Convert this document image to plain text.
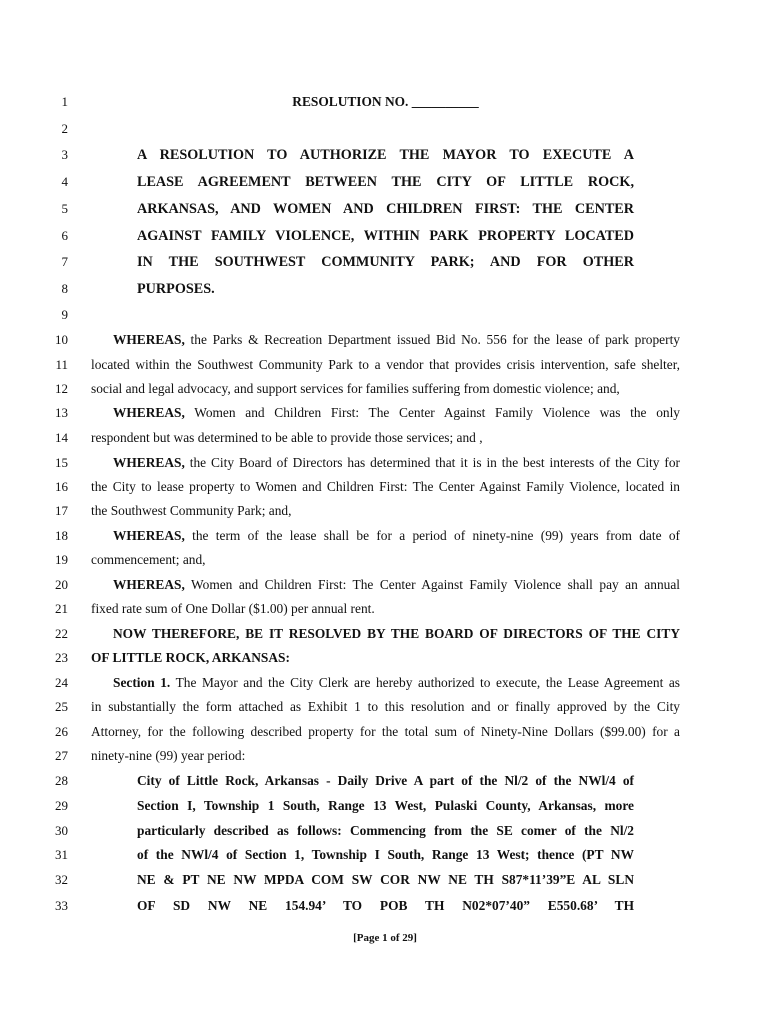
1	RESOLUTION NO. __________
2
3	A RESOLUTION TO AUTHORIZE THE MAYOR TO EXECUTE A
4	LEASE AGREEMENT BETWEEN THE CITY OF LITTLE ROCK,
5	ARKANSAS, AND WOMEN AND CHILDREN FIRST: THE CENTER
6	AGAINST FAMILY VIOLENCE, WITHIN PARK PROPERTY LOCATED
7	IN THE SOUTHWEST COMMUNITY PARK; AND FOR OTHER
8	PURPOSES.
9
10	WHEREAS, the Parks & Recreation Department issued Bid No. 556 for the lease of park property
11 located within the Southwest Community Park to a vendor that provides crisis intervention, safe shelter,
12 social and legal advocacy, and support services for families suffering from domestic violence; and,
13	WHEREAS, Women and Children First: The Center Against Family Violence was the only
14 respondent but was determined to be able to provide those services; and ,
15	WHEREAS, the City Board of Directors has determined that it is in the best interests of the City for
16 the City to lease property to Women and Children First: The Center Against Family Violence, located in
17 the Southwest Community Park; and,
18	WHEREAS, the term of the lease shall be for a period of ninety-nine (99) years from date of
19 commencement; and,
20	WHEREAS, Women and Children First: The Center Against Family Violence shall pay an annual
21 fixed rate sum of One Dollar ($1.00) per annual rent.
22	NOW THEREFORE, BE IT RESOLVED BY THE BOARD OF DIRECTORS OF THE CITY
23 OF LITTLE ROCK, ARKANSAS:
24	Section 1. The Mayor and the City Clerk are hereby authorized to execute, the Lease Agreement as
25 in substantially the form attached as Exhibit 1 to this resolution and or finally approved by the City
26 Attorney, for the following described property for the total sum of Ninety-Nine Dollars ($99.00) for a
27 ninety-nine (99) year period:
28	City of Little Rock, Arkansas - Daily Drive A part of the Nl/2 of the NWl/4 of
29	Section I, Township 1 South, Range 13 West, Pulaski County, Arkansas, more
30	particularly described as follows: Commencing from the SE comer of the Nl/2
31	of the NWl/4 of Section 1, Township I South, Range 13 West; thence (PT NW
32	NE & PT NE NW MPDA COM SW COR NW NE TH S87*11’39”E AL SLN
33	OF SD NW NE 154.94’ TO POB TH N02*07’40” E550.68’ TH
[Page 1 of 29]
